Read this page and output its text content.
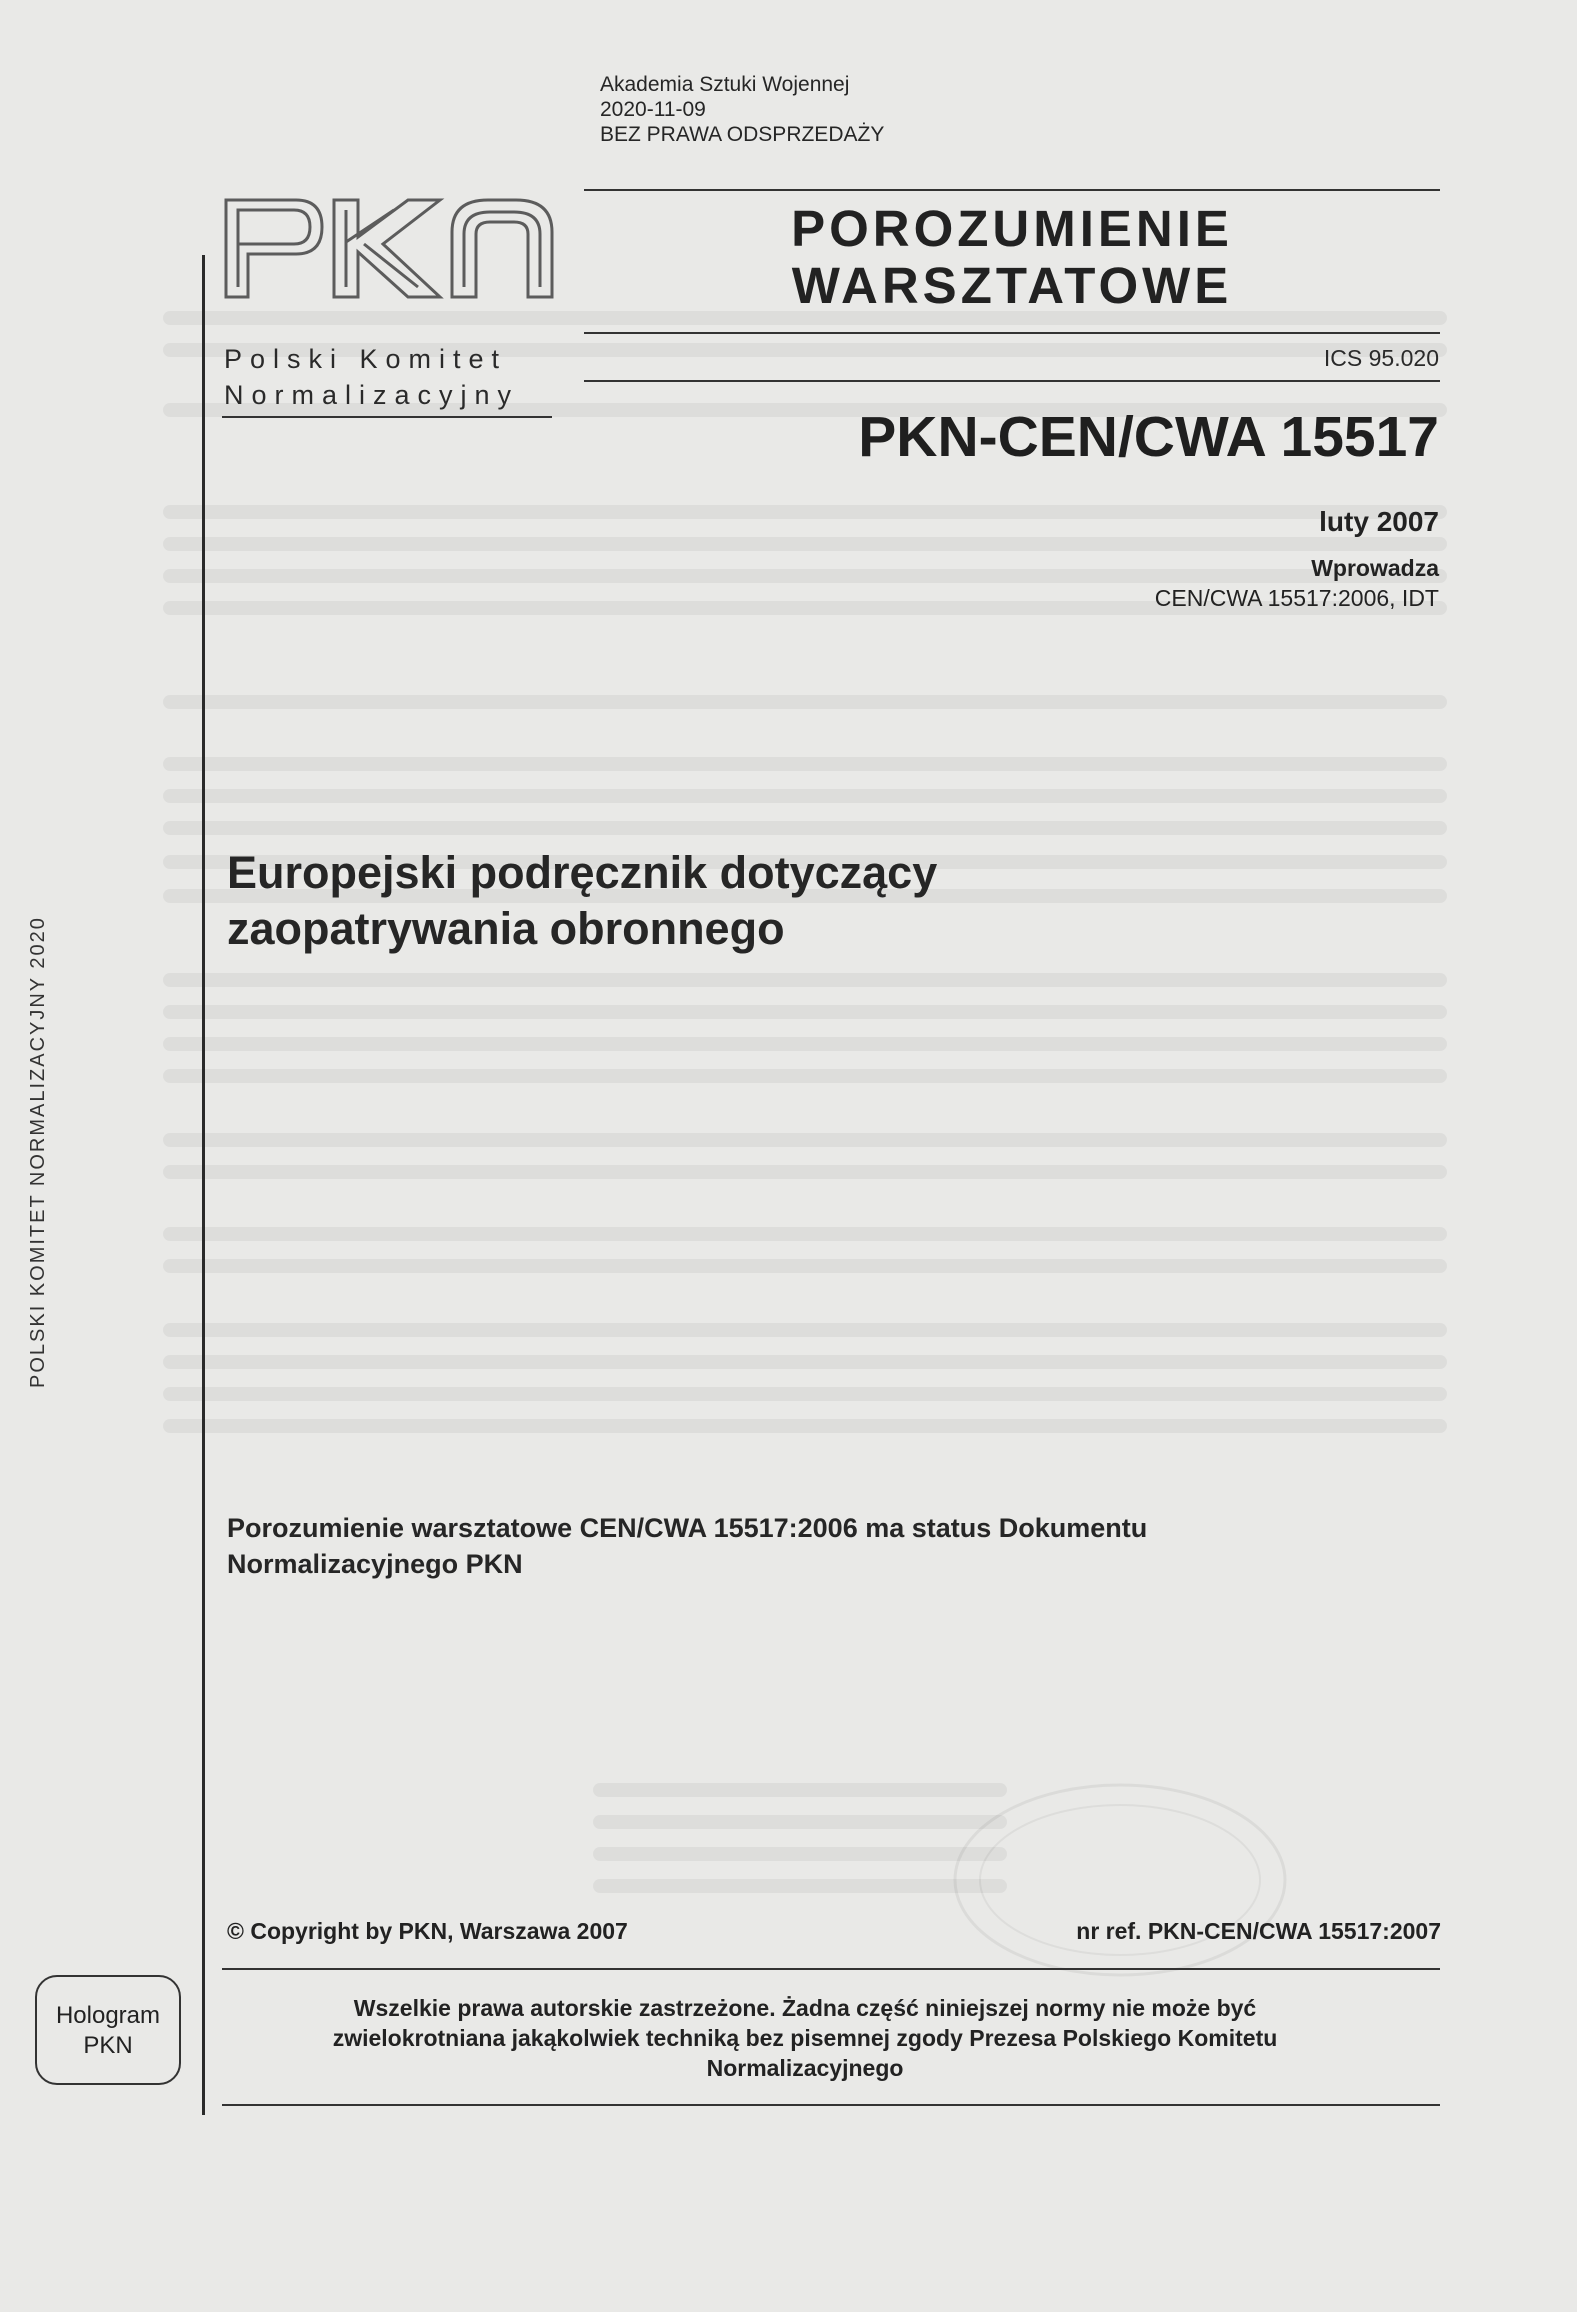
Akademia Sztuki Wojennej
2020-11-09
BEZ PRAWA ODSPRZEDAŻY
Polski Komitet
Normalizacyjny
POROZUMIENIE
WARSZTATOWE
ICS 95.020
PKN-CEN/CWA 15517
luty 2007
Wprowadza
CEN/CWA 15517:2006, IDT
Europejski podręcznik dotyczący
zaopatrywania obronnego
Porozumienie warsztatowe CEN/CWA 15517:2006 ma status Dokumentu
Normalizacyjnego PKN
© Copyright by PKN, Warszawa 2007	nr ref. PKN-CEN/CWA 15517:2007
Wszelkie prawa autorskie zastrzeżone. Żadna część niniejszej normy nie może być
zwielokrotniana jakąkolwiek techniką bez pisemnej zgody Prezesa Polskiego Komitetu
Normalizacyjnego
POLSKI KOMITET NORMALIZACYJNY 2020
Hologram
PKN
